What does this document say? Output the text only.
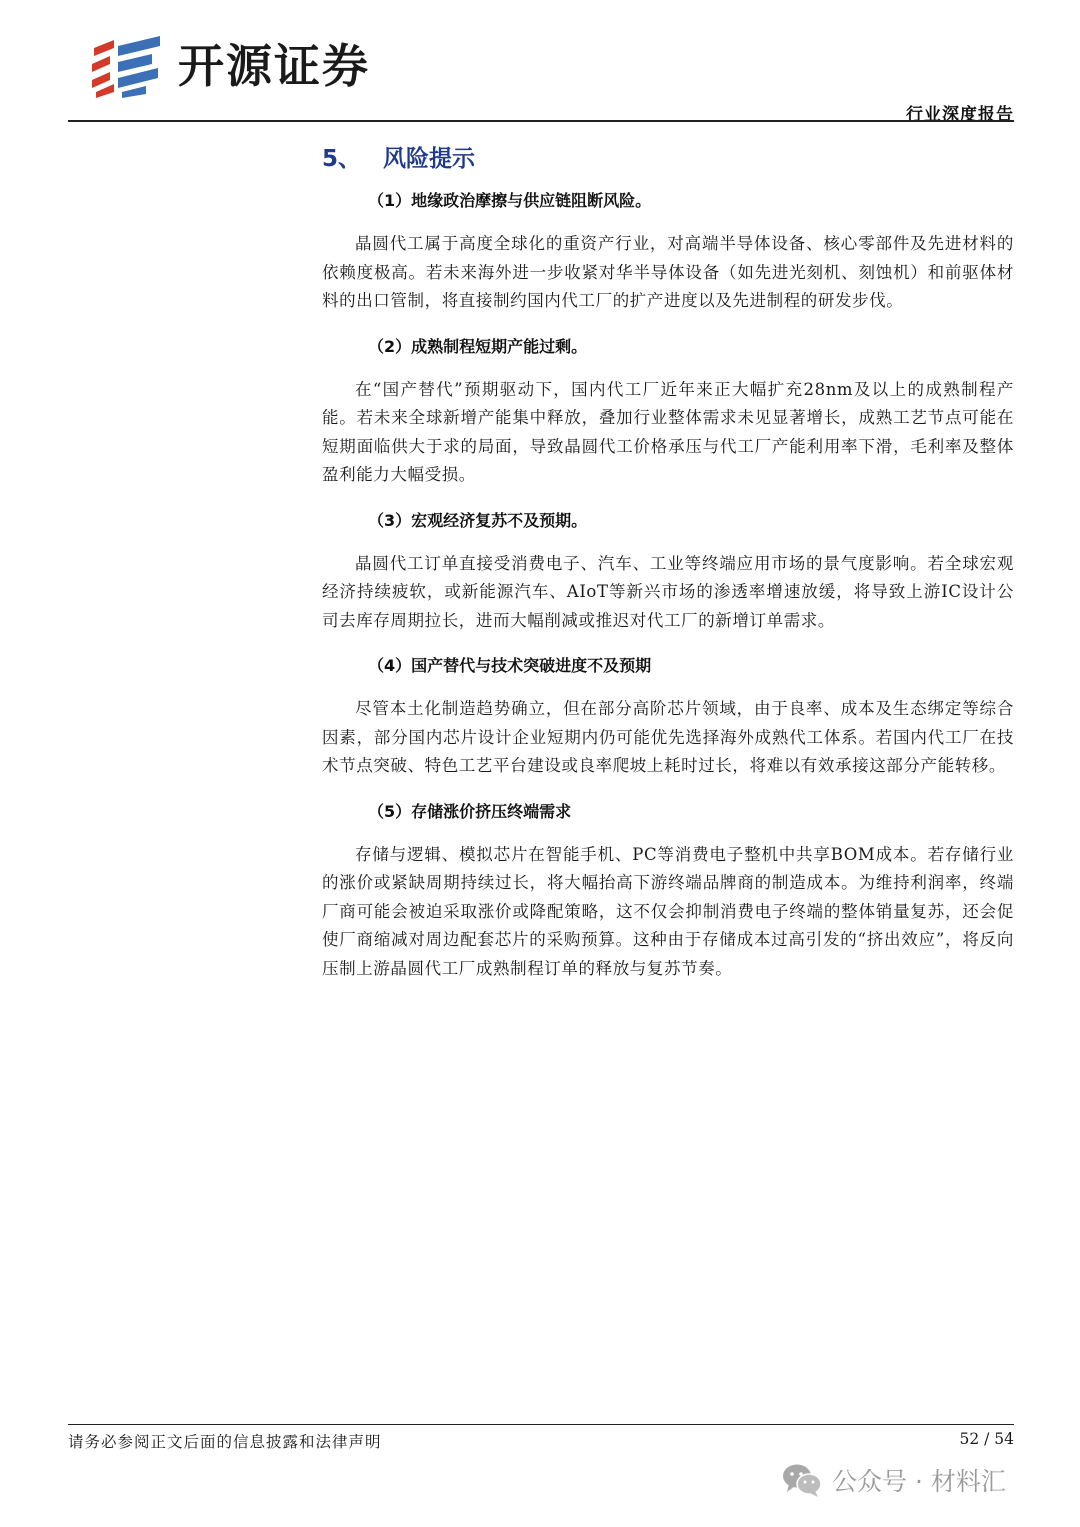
开源证券
行业深度报告
5、 风险提示
（1）地缘政治摩擦与供应链阻断风险。

晶圆代工属于高度全球化的重资产行业，对高端半导体设备、核心零部件及先进材料的依赖度极高。若未来海外进一步收紧对华半导体设备（如先进光刻机、刻蚀机）和前驱体材料的出口管制，将直接制约国内代工厂的扩产进度以及先进制程的研发步伐。

（2）成熟制程短期产能过剩。

在“国产替代”预期驱动下，国内代工厂近年来正大幅扩充28nm及以上的成熟制程产能。若未来全球新增产能集中释放，叠加行业整体需求未见显著增长，成熟工艺节点可能在短期面临供大于求的局面，导致晶圆代工价格承压与代工厂产能利用率下滑，毛利率及整体盈利能力大幅受损。

（3）宏观经济复苏不及预期。

晶圆代工订单直接受消费电子、汽车、工业等终端应用市场的景气度影响。若全球宏观经济持续疲软，或新能源汽车、AIoT等新兴市场的渗透率增速放缓，将导致上游IC设计公司去库存周期拉长，进而大幅削减或推迟对代工厂的新增订单需求。

（4）国产替代与技术突破进度不及预期

尽管本土化制造趋势确立，但在部分高阶芯片领域，由于良率、成本及生态绑定等综合因素，部分国内芯片设计企业短期内仍可能优先选择海外成熟代工体系。若国内代工厂在技术节点突破、特色工艺平台建设或良率爬坡上耗时过长，将难以有效承接这部分产能转移。

（5）存储涨价挤压终端需求

存储与逻辑、模拟芯片在智能手机、PC等消费电子整机中共享BOM成本。若存储行业的涨价或紧缺周期持续过长，将大幅抬高下游终端品牌商的制造成本。为维持利润率，终端厂商可能会被迫采取涨价或降配策略，这不仅会抑制消费电子终端的整体销量复苏，还会促使厂商缩减对周边配套芯片的采购预算。这种由于存储成本过高引发的“挤出效应”，将反向压制上游晶圆代工厂成熟制程订单的释放与复苏节奏。

请务必参阅正文后面的信息披露和法律声明	52 / 54
公众号 · 材料汇
